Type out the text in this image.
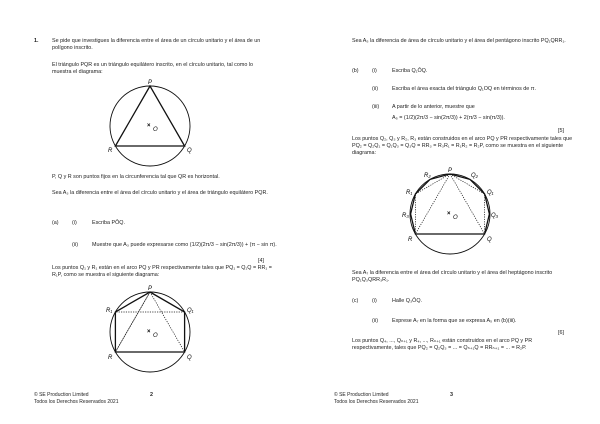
1.	Se pide que investigues la diferencia entre el área de un círculo unitario y el área de un polígono inscrito.
El triángulo PQR es un triángulo equilátero inscrito, en el círculo unitario, tal como lo muestra el diagrama:
×
O
P
R	Q
P, Q y R son puntos fijos en la circunferencia tal que QR es horizontal.
Sea A₃ la diferencia entre el área del círculo unitario y el área de triángulo equilátero PQR.
(a) (i)	Escriba PÔQ.
(ii)	Muestre que A₃ puede expresarse como (1/2)(2π/3 − sin(2π/3)) + (π − sin π).
[4]
Los puntos Q₁ y R₁ están en el arco PQ y PR respectivamente tales que PQ₁ = Q₁Q = RR₁ = R₁P, como se muestra el siguiente diagrama:
×
O
P
R₁	Q₁
R	Q
© SE Production Limited
Todos los Derechos Reservados 2021
2
Sea A₅ la diferencia de área de círculo unitario y el área del pentágono inscrito PQ₁QRR₁.
(b) (i)	Escriba Q₁ÔQ.
(ii)	Escriba el área exacta del triángulo Q₁OQ en términos de π.
(iii) A partir de lo anterior, muestre que
A₅ = (1/2)(2π/3 − sin(2π/3)) + 2(π/3 − sin(π/3)).
[5]
Los puntos Q₂, Q₃ y R₂, R₃ están construidos en el arco PQ y PR respectivamente tales que PQ₂ = Q₂Q₁ = Q₁Q₃ = Q₃Q = RR₃ = R₃R₁ = R₁R₂ = R₂P, como se muestra en el siguiente diagrama:
×
O
P
R₂	Q₂
R₁	Q₁
R₃	Q₃
R	Q
Sea A₇ la diferencia entre el área del círculo unitario y el área del heptágono inscrito PQ₁Q₃QRR₃R₁.
(c)	(i)	Halle Q₃ÔQ.
(ii)	Exprese A₇ en la forma que se expresa A₅ en (b)(iii).
[6]
Los puntos Q₄, ..., Qₙ₊₁ y R₄, ..., Rₙ₊₁ están construidos en el arco PQ y PR respectivamente, tales que PQ₂ = Q₂Q₃ = ... = Qₙ₊₁Q = RRₙ₊₁ = ... = R₂P.
© SE Production Limited
Todos los Derechos Reservados 2021
3
